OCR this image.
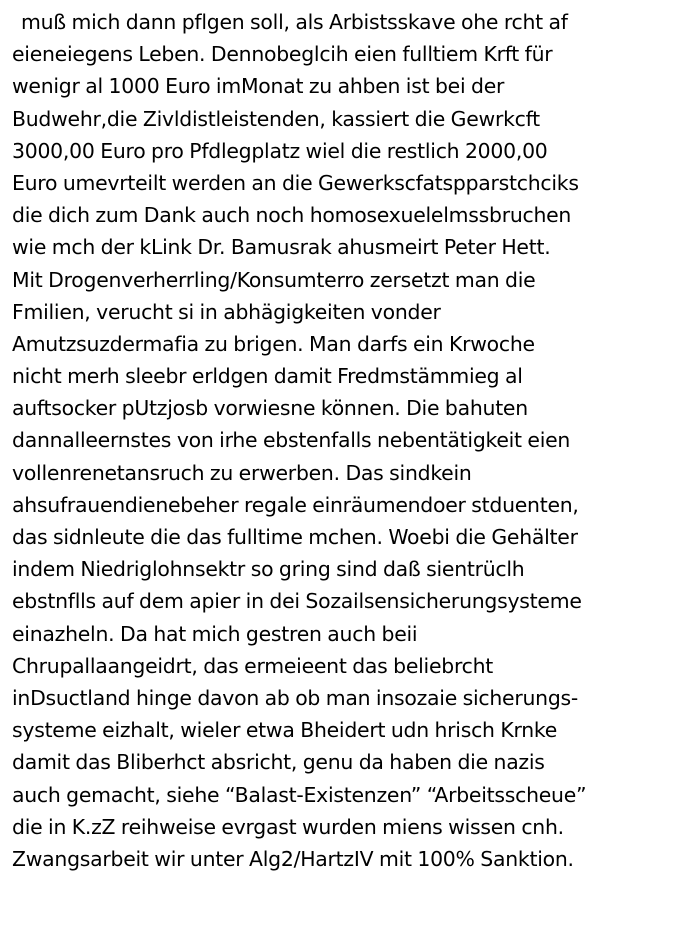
muß mich dann pflgen soll, als Arbistsskave ohe rcht af
eieneiegens Leben. Dennobeglcih eien fulltiem Krft für
wenigr al 1000 Euro imMonat zu ahben ist bei der
Budwehr,die Zivldistleistenden, kassiert die Gewrkcft
3000,00 Euro pro Pfdlegplatz wiel die restlich 2000,00
Euro umevrteilt werden an die Gewerkscfatspparstchciks
die dich zum Dank auch noch homosexuelelmssbruchen
wie mch der kLink Dr. Bamusrak ahusmeirt Peter Hett.
Mit Drogenverherrling/Konsumterro zersetzt man die
Fmilien, verucht si in abhägigkeiten vonder
Amutzsuzdermafia zu brigen. Man darfs ein Krwoche
nicht merh sleebr erldgen damit Fredmstämmieg al
auftsocker pUtzjosb vorwiesne können. Die bahuten
dannalleernstes von irhe ebstenfalls nebentätigkeit eien
vollenrenetansruch zu erwerben. Das sindkein
ahsufrauendienebeher regale einräumendoer stduenten,
das sidnleute die das fulltime mchen. Woebi die Gehälter
indem Niedriglohnsektr so gring sind daß sientrüclh
ebstnflls auf dem apier in dei Sozailsensicherungsysteme
einazheln. Da hat mich gestren auch beii
Chrupallaangeidrt, das ermeieent das beliebrcht
inDsuctland hinge davon ab ob man insozaie sicherungs-
systeme eizhalt, wieler etwa Bheidert udn hrisch Krnke
damit das Bliberhct absricht, genu da haben die nazis
auch gemacht, siehe “Balast-Existenzen” “Arbeitsscheue”
die in K.zZ reihweise evrgast wurden miens wissen cnh.
Zwangsarbeit wir unter Alg2/HartzIV mit 100% Sanktion.
